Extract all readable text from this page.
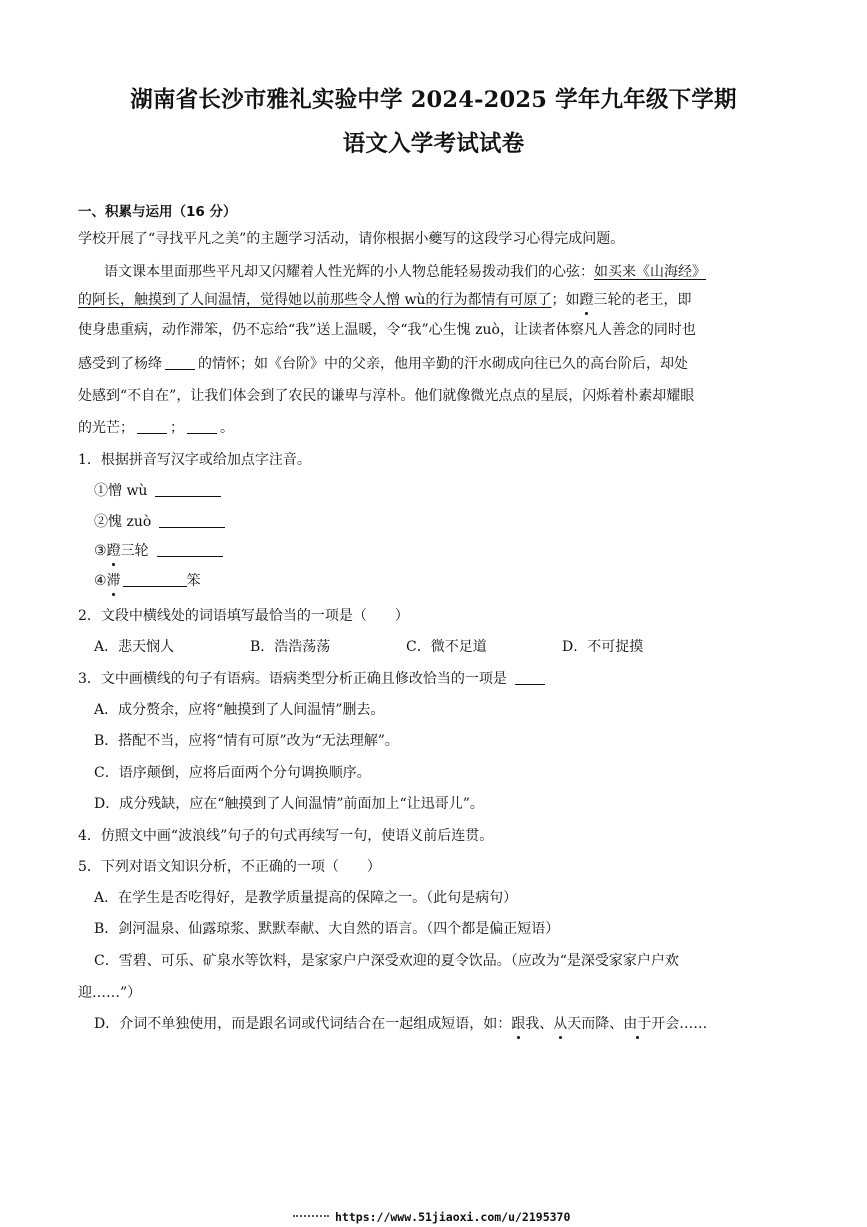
湖南省长沙市雅礼实验中学 2024-2025 学年九年级下学期
语文入学考试试卷
一、积累与运用（16 分）
学校开展了“寻找平凡之美”的主题学习活动，请你根据小夔写的这段学习心得完成问题。
语文课本里面那些平凡却又闪耀着人性光辉的小人物总能轻易拨动我们的心弦：如买来《山海经》
的阿长，触摸到了人间温情，觉得她以前那些令人憎 wù的行为都情有可原了；如蹬三轮的老王，即
使身患重病，动作滞笨，仍不忘给“我”送上温暖，令“我”心生愧 zuò，让读者体察凡人善念的同时也
感受到了杨绛	的情怀；如《台阶》中的父亲，他用辛勤的汗水砌成向往已久的高台阶后，却处
处感到“不自在”，让我们体会到了农民的谦卑与淳朴。他们就像微光点点的星辰，闪烁着朴素却耀眼
的光芒；	；	。
1．根据拼音写汉字或给加点字注音。
①憎 wù
②愧 zuò
③蹬三轮
④滞	笨
2．文段中横线处的词语填写最恰当的一项是（　　）
A．悲天悯人	B．浩浩荡荡	C．微不足道	D．不可捉摸
3．文中画横线的句子有语病。语病类型分析正确且修改恰当的一项是
A．成分赘余，应将“触摸到了人间温情”删去。
B．搭配不当，应将“情有可原”改为“无法理解”。
C．语序颠倒，应将后面两个分句调换顺序。
D．成分残缺，应在“触摸到了人间温情”前面加上“让迅哥儿”。
4．仿照文中画“波浪线”句子的句式再续写一句，使语义前后连贯。
5．下列对语文知识分析，不正确的一项（　　）
A．在学生是否吃得好，是教学质量提高的保障之一。（此句是病句）
B．剑河温泉、仙露琼浆、默默奉献、大自然的语言。（四个都是偏正短语）
C．雪碧、可乐、矿泉水等饮料，是家家户户深受欢迎的夏令饮品。（应改为“是深受家家户户欢
迎……”）
D．介词不单独使用，而是跟名词或代词结合在一起组成短语，如：跟我、从天而降、由于开会……
https://www.51jiaoxi.com/u/2195370
